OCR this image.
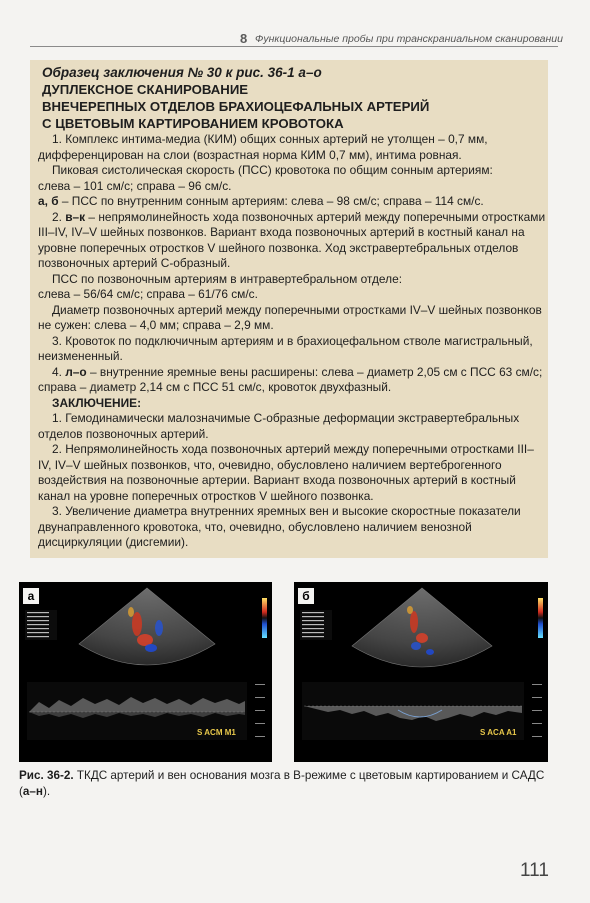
8 Функциональные пробы при транскраниальном сканировании

Образец заключения № 30 к рис. 36-1 а–о

ДУПЛЕКСНОЕ СКАНИРОВАНИЕ

ВНЕЧЕРЕПНЫХ ОТДЕЛОВ БРАХИОЦЕФАЛЬНЫХ АРТЕРИЙ

С ЦВЕТОВЫМ КАРТИРОВАНИЕМ КРОВОТОКА

1. Комплекс интима-медиа (КИМ) общих сонных артерий не утолщен – 0,7 мм, дифференцирован на слои (возрастная норма КИМ 0,7 мм), интима ровная.

Пиковая систолическая скорость (ПСС) кровотока по общим сонным артериям:

слева – 101 см/с; справа – 96 см/с.

а, б – ПСС по внутренним сонным артериям: слева – 98 см/с; справа – 114 см/с.

2. в–к – непрямолинейность хода позвоночных артерий между поперечными отростками III–IV, IV–V шейных позвонков. Вариант входа позвоночных артерий в костный канал на уровне поперечных отростков V шейного позвонка. Ход экстравертебральных отделов позвоночных артерий С-образный.

ПСС по позвоночным артериям в интравертебральном отделе:

слева – 56/64 см/с; справа – 61/76 см/с.

Диаметр позвоночных артерий между поперечными отростками IV–V шейных позвонков не сужен: слева – 4,0 мм; справа – 2,9 мм.

3. Кровоток по подключичным артериям и в брахиоцефальном стволе магистральный, неизмененный.

4. л–о – внутренние яремные вены расширены: слева – диаметр 2,05 см с ПСС 63 см/с; справа – диаметр 2,14 см с ПСС 51 см/с, кровоток двухфазный.

ЗАКЛЮЧЕНИЕ:

1. Гемодинамически малозначимые С-образные деформации экстравертебральных отделов позвоночных артерий.

2. Непрямолинейность хода позвоночных артерий между поперечными отростками III–IV, IV–V шейных позвонков, что, очевидно, обусловлено наличием вертеброгенного воздействия на позвоночные артерии. Вариант входа позвоночных артерий в костный канал на уровне поперечных отростков V шейного позвонка.

3. Увеличение диаметра внутренних яремных вен и высокие скоростные показатели двунаправленного кровотока, что, очевидно, обусловлено наличием венозной дисциркуляции (дисгемии).

а
S ACM M1
б
S ACA A1
Рис. 36-2. ТКДС артерий и вен основания мозга в В-режиме с цветовым картированием и САДС (а–н).
111
